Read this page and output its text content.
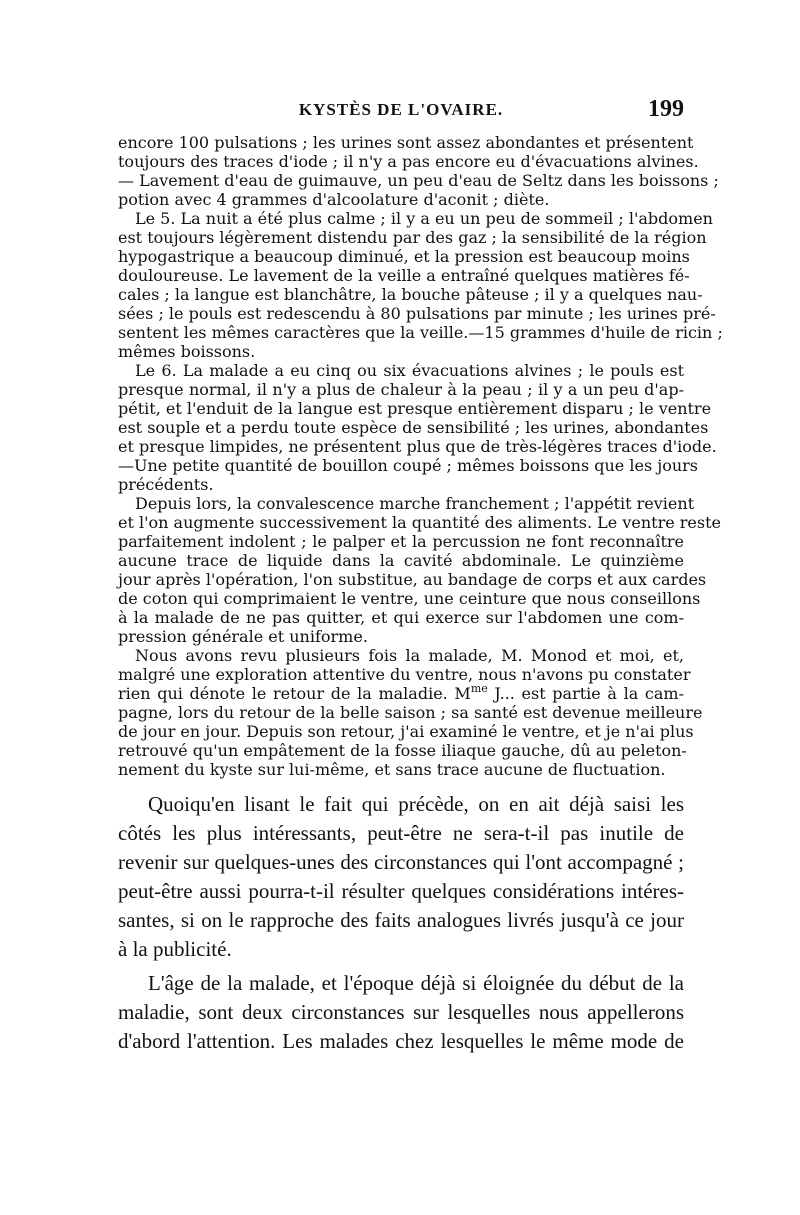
KYSTÈS DE L'OVAIRE.	199
encore 100 pulsations ; les urines sont assez abondantes et présentent
toujours des traces d'iode ; il n'y a pas encore eu d'évacuations alvines.
— Lavement d'eau de guimauve, un peu d'eau de Seltz dans les boissons ;
potion avec 4 grammes d'alcoolature d'aconit ; diète.
Le 5. La nuit a été plus calme ; il y a eu un peu de sommeil ; l'abdomen
est toujours légèrement distendu par des gaz ; la sensibilité de la région
hypogastrique a beaucoup diminué, et la pression est beaucoup moins
douloureuse. Le lavement de la veille a entraîné quelques matières fé-
cales ; la langue est blanchâtre, la bouche pâteuse ; il y a quelques nau-
sées ; le pouls est redescendu à 80 pulsations par minute ; les urines pré-
sentent les mêmes caractères que la veille.—15 grammes d'huile de ricin ;
mêmes boissons.
Le 6. La malade a eu cinq ou six évacuations alvines ; le pouls est
presque normal, il n'y a plus de chaleur à la peau ; il y a un peu d'ap-
pétit, et l'enduit de la langue est presque entièrement disparu ; le ventre
est souple et a perdu toute espèce de sensibilité ; les urines, abondantes
et presque limpides, ne présentent plus que de très-légères traces d'iode.
—Une petite quantité de bouillon coupé ; mêmes boissons que les jours
précédents.
Depuis lors, la convalescence marche franchement ; l'appétit revient
et l'on augmente successivement la quantité des aliments. Le ventre reste
parfaitement indolent ; le palper et la percussion ne font reconnaître
aucune trace de liquide dans la cavité abdominale. Le quinzième
jour après l'opération, l'on substitue, au bandage de corps et aux cardes
de coton qui comprimaient le ventre, une ceinture que nous conseillons
à la malade de ne pas quitter, et qui exerce sur l'abdomen une com-
pression générale et uniforme.
Nous avons revu plusieurs fois la malade, M. Monod et moi, et,
malgré une exploration attentive du ventre, nous n'avons pu constater
rien qui dénote le retour de la maladie. $M^{me}$ J... est partie à la cam-
pagne, lors du retour de la belle saison ; sa santé est devenue meilleure
de jour en jour. Depuis son retour, j'ai examiné le ventre, et je n'ai plus
retrouvé qu'un empâtement de la fosse iliaque gauche, dû au peleton-
nement du kyste sur lui-même, et sans trace aucune de fluctuation.
Quoiqu'en lisant le fait qui précède, on en ait déjà saisi les
côtés les plus intéressants, peut-être ne sera-t-il pas inutile de
revenir sur quelques-unes des circonstances qui l'ont accompagné ;
peut-être aussi pourra-t-il résulter quelques considérations intéres-
santes, si on le rapproche des faits analogues livrés jusqu'à ce jour
à la publicité.
L'âge de la malade, et l'époque déjà si éloignée du début de la
maladie, sont deux circonstances sur lesquelles nous appellerons
d'abord l'attention. Les malades chez lesquelles le même mode de
